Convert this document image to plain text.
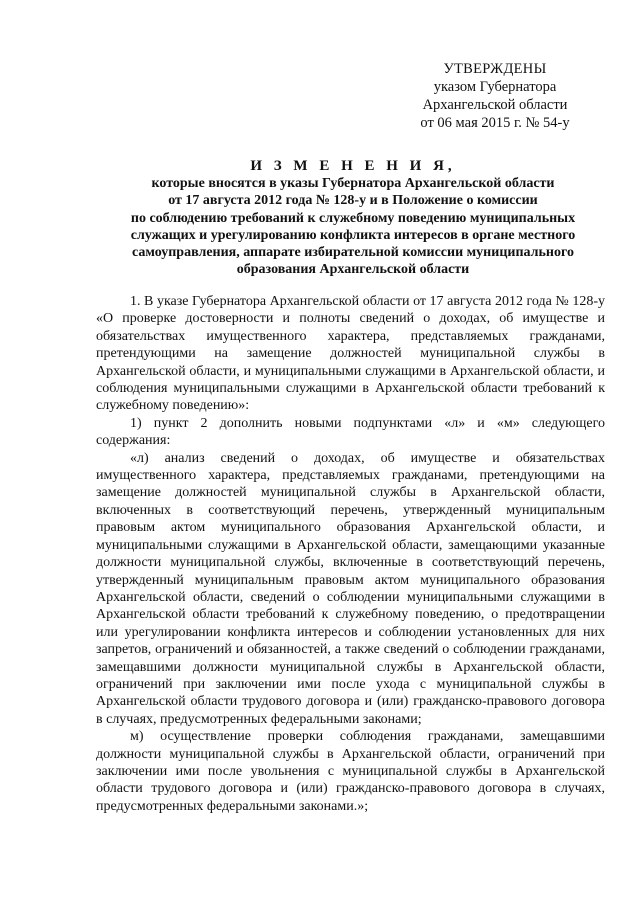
УТВЕРЖДЕНЫ
указом Губернатора
Архангельской области
от 06 мая 2015 г. № 54-у
И З М Е Н Е Н И Я,
которые вносятся в указы Губернатора Архангельской области
от 17 августа 2012 года № 128-у и в Положение о комиссии
по соблюдению требований к служебному поведению муниципальных
служащих и урегулированию конфликта интересов в органе местного
самоуправления, аппарате избирательной комиссии муниципального
образования Архангельской области

1. В указе Губернатора Архангельской области от 17 августа 2012 года № 128-у «О проверке достоверности и полноты сведений о доходах, об имуществе и обязательствах имущественного характера, представляемых гражданами, претендующими на замещение должностей муниципальной службы в Архангельской области, и муниципальными служащими в Архангельской области, и соблюдения муниципальными служащими в Архангельской области требований к служебному поведению»:

1) пункт 2 дополнить новыми подпунктами «л» и «м» следующего содержания:

«л) анализ сведений о доходах, об имуществе и обязательствах имущественного характера, представляемых гражданами, претендующими на замещение должностей муниципальной службы в Архангельской области, включенных в соответствующий перечень, утвержденный муниципальным правовым актом муниципального образования Архангельской области, и муниципальными служащими в Архангельской области, замещающими указанные должности муниципальной службы, включенные в соответствующий перечень, утвержденный муниципальным правовым актом муниципального образования Архангельской области, сведений о соблюдении муниципальными служащими в Архангельской области требований к служебному поведению, о предотвращении или урегулировании конфликта интересов и соблюдении установленных для них запретов, ограничений и обязанностей, а также сведений о соблюдении гражданами, замещавшими должности муниципальной службы в Архангельской области, ограничений при заключении ими после ухода с муниципальной службы в Архангельской области трудового договора и (или) гражданско-правового договора в случаях, предусмотренных федеральными законами;

м) осуществление проверки соблюдения гражданами, замещавшими должности муниципальной службы в Архангельской области, ограничений при заключении ими после увольнения с муниципальной службы в Архангельской области трудового договора и (или) гражданско-правового договора в случаях, предусмотренных федеральными законами.»;
